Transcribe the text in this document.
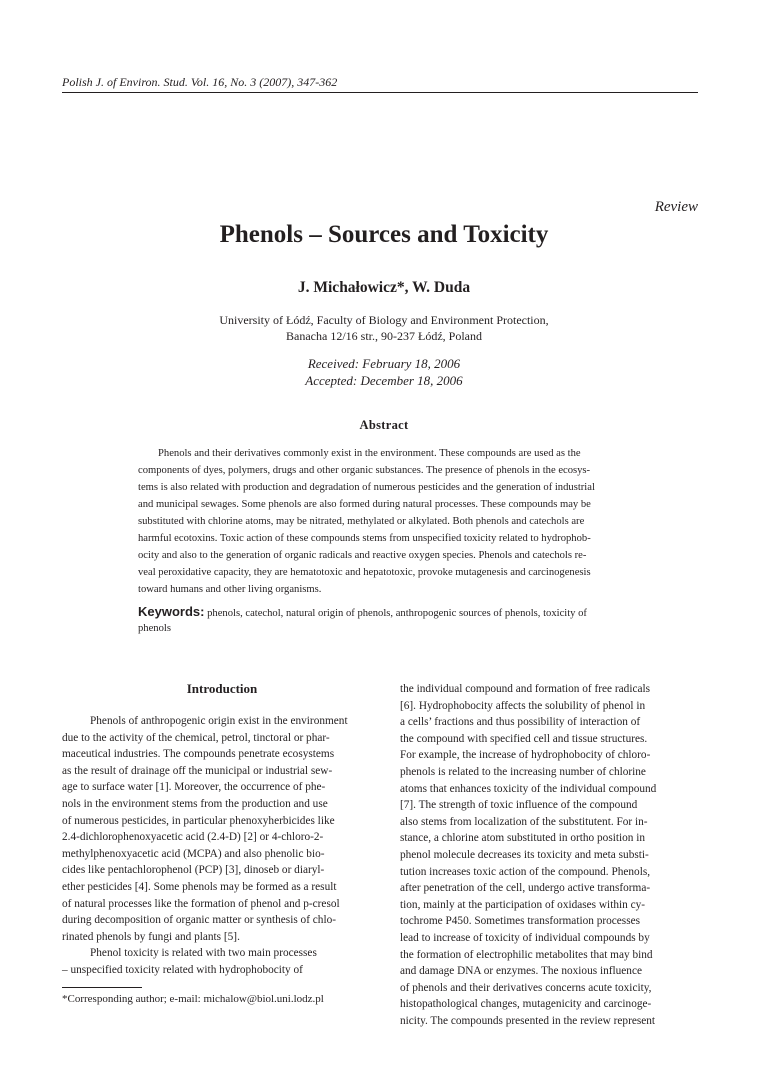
Polish J. of Environ. Stud. Vol. 16, No. 3 (2007), 347-362
Review
Phenols – Sources and Toxicity
J. Michałowicz*, W. Duda
University of Łódź, Faculty of Biology and Environment Protection,
Banacha 12/16 str., 90-237 Łódź, Poland
Received: February 18, 2006
Accepted: December 18, 2006
Abstract
Phenols and their derivatives commonly exist in the environment. These compounds are used as the
components of dyes, polymers, drugs and other organic substances. The presence of phenols in the ecosys-
tems is also related with production and degradation of numerous pesticides and the generation of industrial
and municipal sewages. Some phenols are also formed during natural processes. These compounds may be
substituted with chlorine atoms, may be nitrated, methylated or alkylated. Both phenols and catechols are
harmful ecotoxins. Toxic action of these compounds stems from unspecified toxicity related to hydrophob-
ocity and also to the generation of organic radicals and reactive oxygen species. Phenols and catechols re-
veal peroxidative capacity, they are hematotoxic and hepatotoxic, provoke mutagenesis and carcinogenesis
toward humans and other living organisms.
Keywords: phenols, catechol, natural origin of phenols, anthropogenic sources of phenols, toxicity of
phenols
Introduction
Phenols of anthropogenic origin exist in the environment
due to the activity of the chemical, petrol, tinctoral or phar-
maceutical industries. The compounds penetrate ecosystems
as the result of drainage off the municipal or industrial sew-
age to surface water [1]. Moreover, the occurrence of phe-
nols in the environment stems from the production and use
of numerous pesticides, in particular phenoxyherbicides like
2.4-dichlorophenoxyacetic acid (2.4-D) [2] or 4-chloro-2-
methylphenoxyacetic acid (MCPA) and also phenolic bio-
cides like pentachlorophenol (PCP) [3], dinoseb or diaryl-
ether pesticides [4]. Some phenols may be formed as a result
of natural processes like the formation of phenol and p-cresol
during decomposition of organic matter or synthesis of chlo-
rinated phenols by fungi and plants [5].
Phenol toxicity is related with two main processes
– unspecified toxicity related with hydrophobocity of
the individual compound and formation of free radicals
[6]. Hydrophobocity affects the solubility of phenol in
a cells’ fractions and thus possibility of interaction of
the compound with specified cell and tissue structures.
For example, the increase of hydrophobocity of chloro-
phenols is related to the increasing number of chlorine
atoms that enhances toxicity of the individual compound
[7]. The strength of toxic influence of the compound
also stems from localization of the substitutent. For in-
stance, a chlorine atom substituted in ortho position in
phenol molecule decreases its toxicity and meta substi-
tution increases toxic action of the compound. Phenols,
after penetration of the cell, undergo active transforma-
tion, mainly at the participation of oxidases within cy-
tochrome P450. Sometimes transformation processes
lead to increase of toxicity of individual compounds by
the formation of electrophilic metabolites that may bind
and damage DNA or enzymes. The noxious influence
of phenols and their derivatives concerns acute toxicity,
histopathological changes, mutagenicity and carcinoge-
nicity. The compounds presented in the review represent
*Corresponding author; e-mail: michalow@biol.uni.lodz.pl
